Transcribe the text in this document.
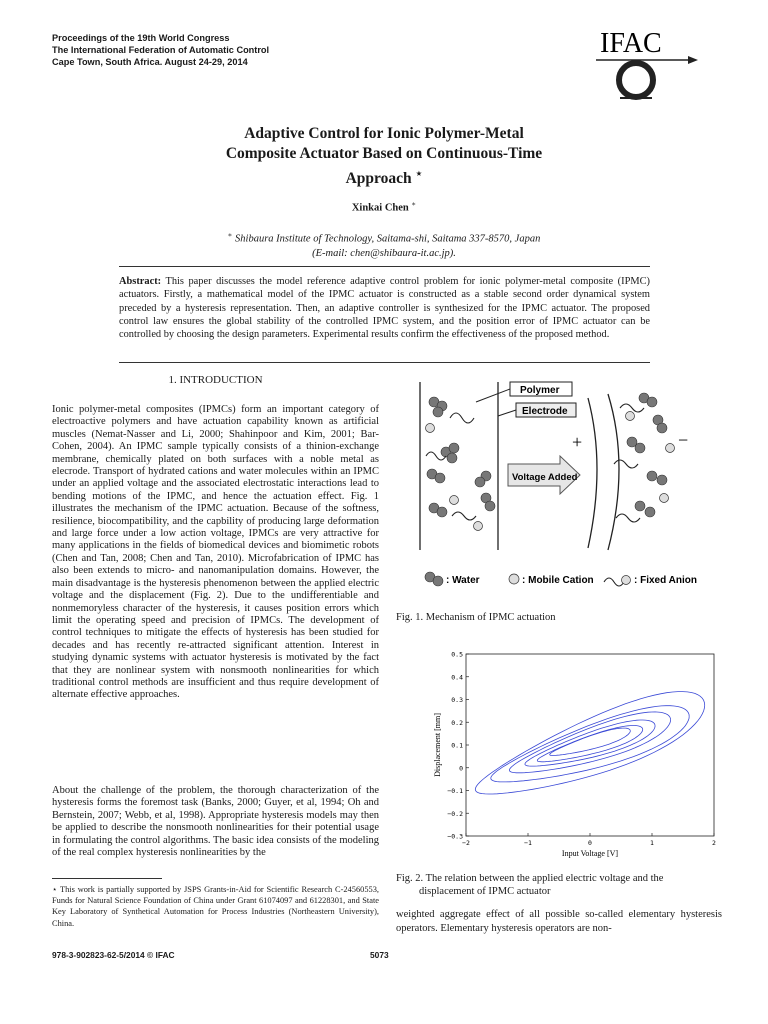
Proceedings of the 19th World Congress
The International Federation of Automatic Control
Cape Town, South Africa. August 24-29, 2014
IFAC
Adaptive Control for Ionic Polymer-Metal
Composite Actuator Based on Continuous-Time
Approach ⋆
Xinkai Chen ∗
∗ Shibaura Institute of Technology, Saitama-shi, Saitama 337-8570, Japan
(E-mail: chen@shibaura-it.ac.jp).
Abstract: This paper discusses the model reference adaptive control problem for ionic polymer-metal composite (IPMC) actuators. Firstly, a mathematical model of the IPMC actuator is constructed as a stable second order dynamical system preceded by a hysteresis representation. Then, an adaptive controller is synthesized for the IPMC actuator. The proposed control law ensures the global stability of the controlled IPMC system, and the position error of IPMC actuator can be controlled by choosing the design parameters. Experimental results confirm the effectiveness of the proposed method.
1. INTRODUCTION
Ionic polymer-metal composites (IPMCs) form an important category of electroactive polymers and have actuation capability known as artificial muscles (Nemat-Nasser and Li, 2000; Shahinpoor and Kim, 2001; Bar-Cohen, 2004). An IPMC sample typically consists of a thinion-exchange membrane, chemically plated on both surfaces with a noble metal as elecrode. Transport of hydrated cations and water molecules within an IPMC under an applied voltage and the associated electrostatic interactions lead to bending motions of the IPMC, and hence the actuation effect. Fig. 1 illustrates the mechanism of the IPMC actuation. Because of the softness, resilience, biocompatibility, and the capbility of producing large deformation and large force under a low action voltage, IPMCs are very attractive for many applications in the fields of biomedical devices and biomimetic robots (Chen and Tan, 2008; Chen and Tan, 2010). Microfabrication of IPMC has also been extends to micro- and nanomanipulation domains. However, the main disadvantage is the hysteresis phenomenon between the applied electric voltage and the displacement (Fig. 2). Due to the undifferentiable and nonmemoryless character of the hysteresis, it causes position errors which limit the operating speed and precision of IPMCs. The development of control techniques to mitigate the effects of hysteresis has been studied for decades and has recently re-attracted significant attention. Interest in studying dynamic systems with actuator hysteresis is motivated by the fact that they are nonlinear system with nonsmooth nonlinearities for which traditional control methods are insufficient and thus require development of alternate effective approaches.
About the challenge of the problem, the thorough characterization of the hysteresis forms the foremost task (Banks, 2000; Guyer, et al, 1994; Oh and Bernstein, 2007; Webb, et al, 1998). Appropriate hysteresis models may then be applied to describe the nonsmooth nonlinearities for their potential usage in formulating the control algorithms. The basic idea consists of the modeling of the real complex hysteresis nonlinearities by the
⋆ This work is partially supported by JSPS Grants-in-Aid for Scientific Research C-24560553, Funds for Natural Science Foundation of China under Grant 61074097 and 61228301, and State Key Laboratory of Synthetical Automation for Process Industries (Northeastern University), China.
978-3-902823-62-5/2014 © IFAC	5073
Polymer
Electrode
Voltage Added
+	−
: Water	: Mobile Cation	: Fixed Anion
Fig. 1. Mechanism of IPMC actuation
−2	−1	0	1	2
−0.3
−0.2
−0.1
0
0.1
0.2
0.3
0.4
0.5
Input Voltage [V]
Displacement [mm]
Fig. 2. The relation between the applied electric voltage and the
displacement of IPMC actuator
weighted aggregate effect of all possible so-called elementary hysteresis operators. Elementary hysteresis operators are non-
